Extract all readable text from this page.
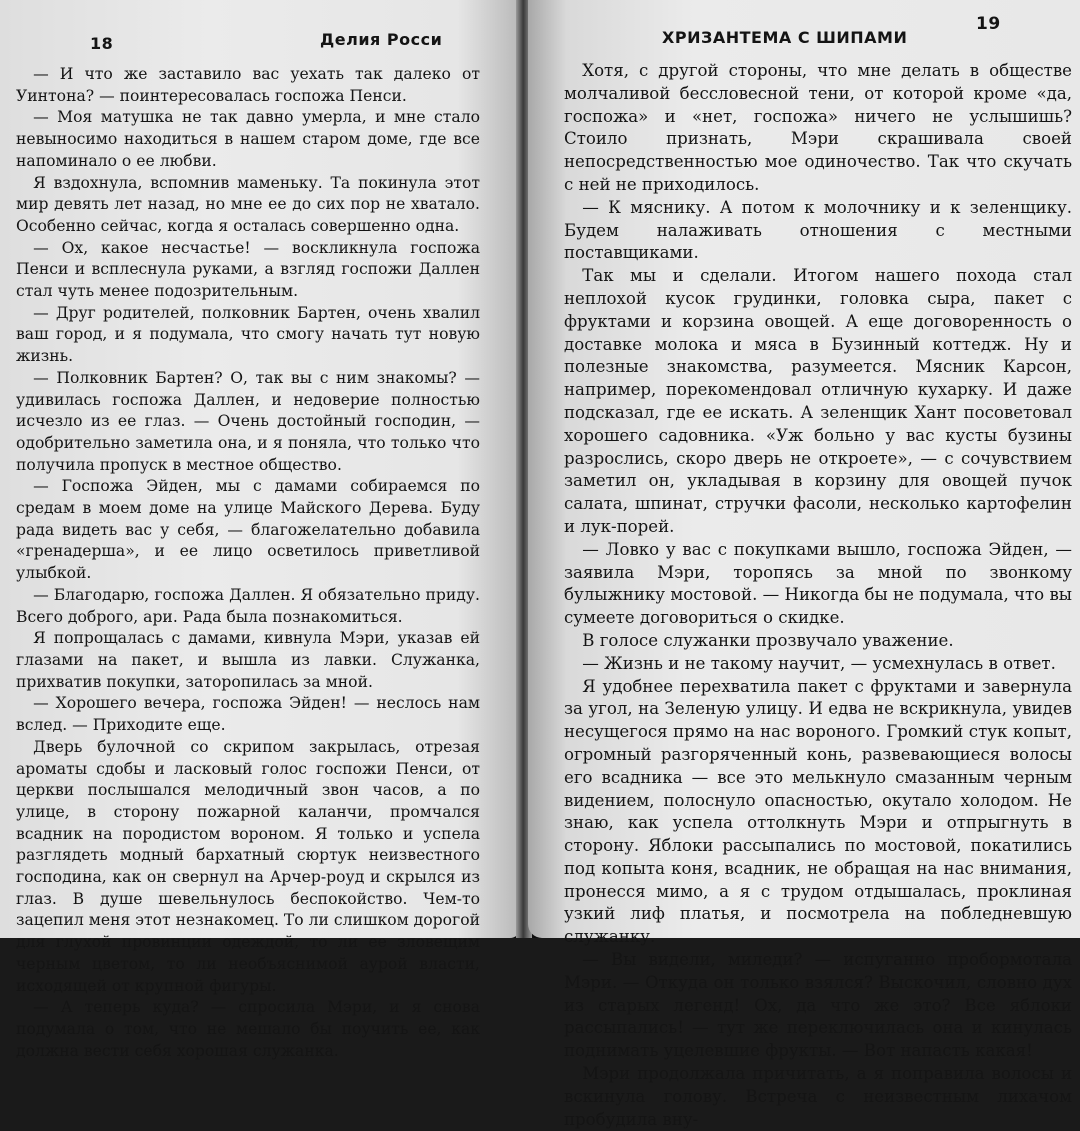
18	Делия Росси

— И что же заставило вас уехать так далеко от Уинтона? — поинтересовалась госпожа Пенси.

— Моя матушка не так давно умерла, и мне стало невыносимо находиться в нашем старом доме, где все напоминало о ее любви.

Я вздохнула, вспомнив маменьку. Та покинула этот мир девять лет назад, но мне ее до сих пор не хватало. Особенно сейчас, когда я осталась совершенно одна.

— Ох, какое несчастье! — воскликнула госпожа Пенси и всплеснула руками, а взгляд госпожи Даллен стал чуть менее подозрительным.

— Друг родителей, полковник Бартен, очень хвалил ваш город, и я подумала, что смогу начать тут новую жизнь.

— Полковник Бартен? О, так вы с ним знакомы? — удивилась госпожа Даллен, и недоверие полностью исчезло из ее глаз. — Очень достойный господин, — одобрительно заметила она, и я поняла, что только что получила пропуск в местное общество.

— Госпожа Эйден, мы с дамами собираемся по средам в моем доме на улице Майского Дерева. Буду рада видеть вас у себя, — благожелательно добавила «гренадерша», и ее лицо осветилось приветливой улыбкой.

— Благодарю, госпожа Даллен. Я обязательно приду. Всего доброго, ари. Рада была познакомиться.

Я попрощалась с дамами, кивнула Мэри, указав ей глазами на пакет, и вышла из лавки. Служанка, прихватив покупки, заторопилась за мной.

— Хорошего вечера, госпожа Эйден! — неслось нам вслед. — Приходите еще.

Дверь булочной со скрипом закрылась, отрезая ароматы сдобы и ласковый голос госпожи Пенси, от церкви послышался мелодичный звон часов, а по улице, в сторону пожарной каланчи, промчался всадник на породистом вороном. Я только и успела разглядеть модный бархатный сюртук неизвестного господина, как он свернул на Арчер-роуд и скрылся из глаз. В душе шевельнулось беспокойство. Чем-то зацепил меня этот незнакомец. То ли слишком дорогой для глухой провинции одеждой, то ли ее зловещим черным цветом, то ли необъяснимой аурой власти, исходящей от крупной фигуры.

— А теперь куда? — спросила Мэри, и я снова подумала о том, что не мешало бы поучить ее, как должна вести себя хорошая служанка.

ХРИЗАНТЕМА С ШИПАМИ
19

Хотя, с другой стороны, что мне делать в обществе молчаливой бессловесной тени, от которой кроме «да, госпожа» и «нет, госпожа» ничего не услышишь? Стоило признать, Мэри скрашивала своей непосредственностью мое одиночество. Так что скучать с ней не приходилось.

— К мяснику. А потом к молочнику и к зеленщику. Будем налаживать отношения с местными поставщиками.

Так мы и сделали. Итогом нашего похода стал неплохой кусок грудинки, головка сыра, пакет с фруктами и корзина овощей. А еще договоренность о доставке молока и мяса в Бузинный коттедж. Ну и полезные знакомства, разумеется. Мясник Карсон, например, порекомендовал отличную кухарку. И даже подсказал, где ее искать. А зеленщик Хант посоветовал хорошего садовника. «Уж больно у вас кусты бузины разрослись, скоро дверь не откроете», — с сочувствием заметил он, укладывая в корзину для овощей пучок салата, шпинат, стручки фасоли, несколько картофелин и лук-порей.

— Ловко у вас с покупками вышло, госпожа Эйден, — заявила Мэри, торопясь за мной по звонкому булыжнику мостовой. — Никогда бы не подумала, что вы сумеете договориться о скидке.

В голосе служанки прозвучало уважение.

— Жизнь и не такому научит, — усмехнулась в ответ.

Я удобнее перехватила пакет с фруктами и завернула за угол, на Зеленую улицу. И едва не вскрикнула, увидев несущегося прямо на нас вороного. Громкий стук копыт, огромный разгоряченный конь, развевающиеся волосы его всадника — все это мелькнуло смазанным черным видением, полоснуло опасностью, окутало холодом. Не знаю, как успела оттолкнуть Мэри и отпрыгнуть в сторону. Яблоки рассыпались по мостовой, покатились под копыта коня, всадник, не обращая на нас внимания, пронесся мимо, а я с трудом отдышалась, проклиная узкий лиф платья, и посмотрела на побледневшую служанку.

— Вы видели, миледи? — испуганно пробормотала Мэри. — Откуда он только взялся? Выскочил, словно дух из старых легенд! Ох, да что же это? Все яблоки рассыпались! — тут же переключилась она и кинулась поднимать уцелевшие фрукты. — Вот напасть какая!

Мэри продолжала причитать, а я поправила волосы и вскинула голову. Встреча с неизвестным лихачом пробудила вну-
